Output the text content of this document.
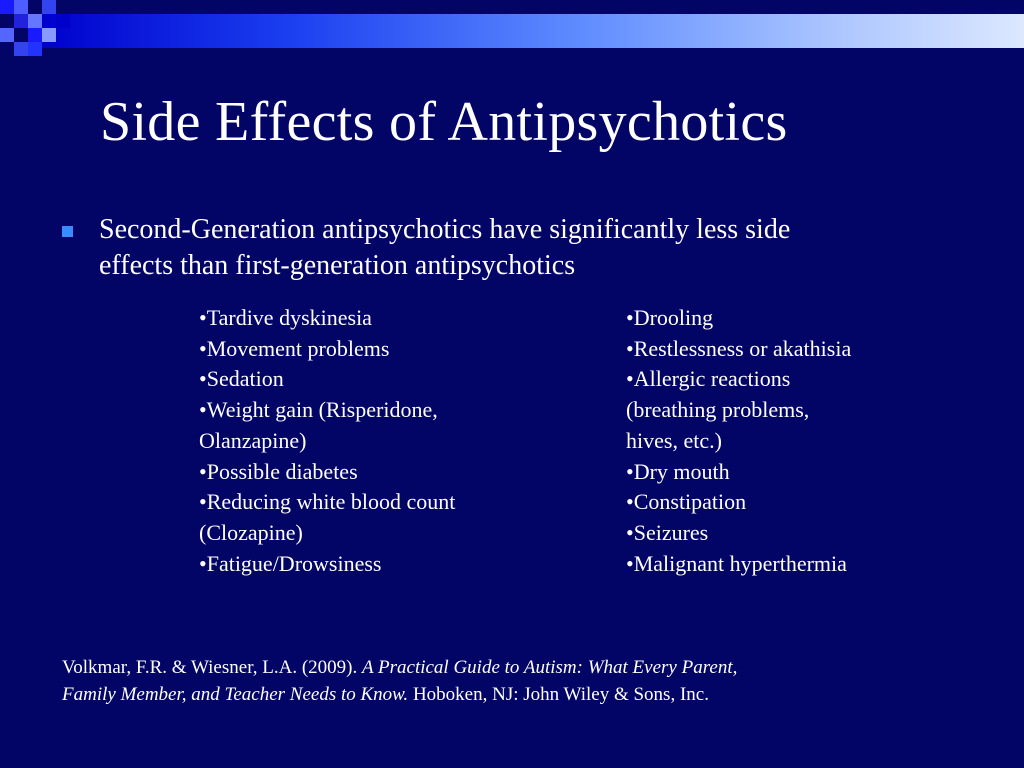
Side Effects of Antipsychotics
Second-Generation antipsychotics have significantly less side
effects than first-generation antipsychotics
•Tardive dyskinesia
•Movement problems
•Sedation
•Weight gain (Risperidone,
Olanzapine)
•Possible diabetes
•Reducing white blood count
(Clozapine)
•Fatigue/Drowsiness
•Drooling
•Restlessness or akathisia
•Allergic reactions
(breathing problems,
hives, etc.)
•Dry mouth
•Constipation
•Seizures
•Malignant hyperthermia
Volkmar, F.R. & Wiesner, L.A. (2009). A Practical Guide to Autism: What Every Parent,
Family Member, and Teacher Needs to Know. Hoboken, NJ: John Wiley & Sons, Inc.
